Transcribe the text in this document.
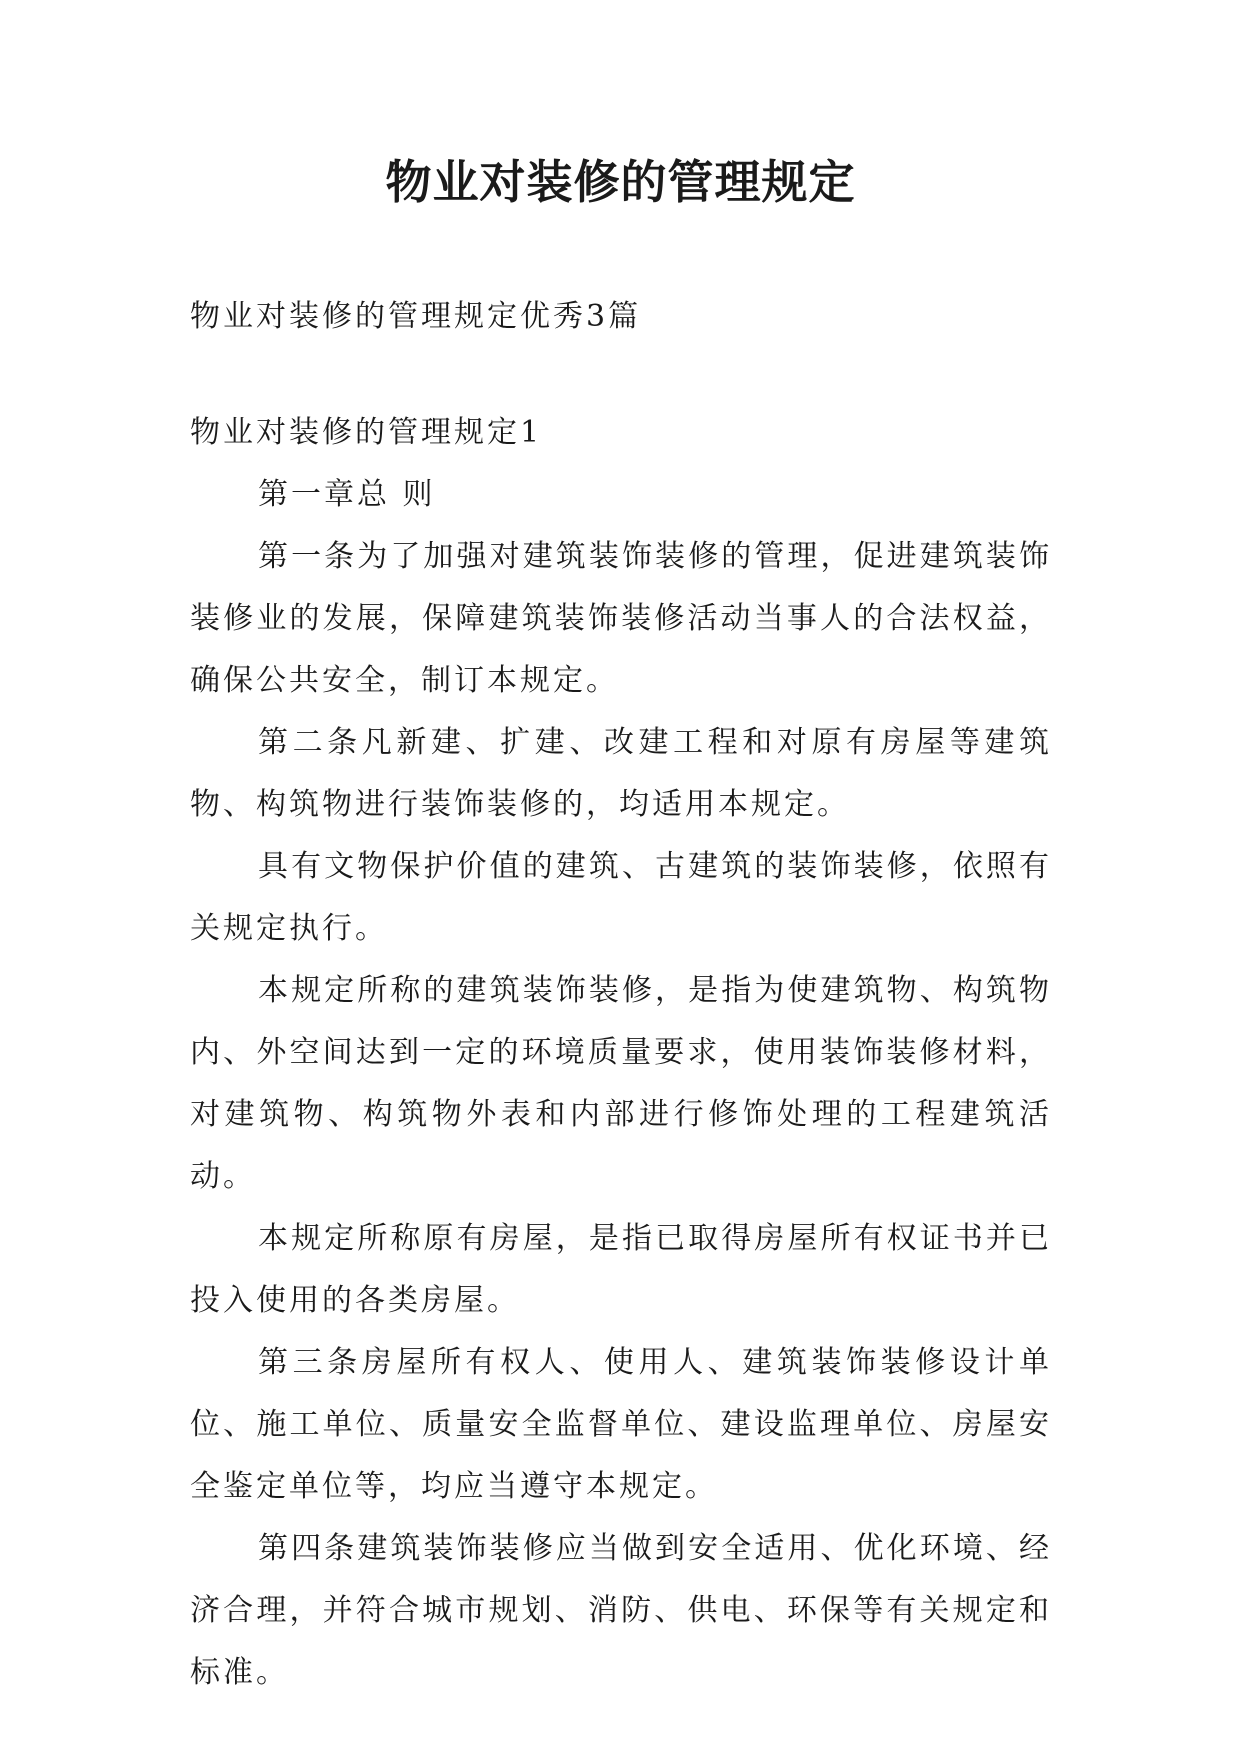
物业对装修的管理规定

物业对装修的管理规定优秀3篇

物业对装修的管理规定1

第一章总 则

第一条为了加强对建筑装饰装修的管理，促进建筑装饰装修业的发展，保障建筑装饰装修活动当事人的合法权益，确保公共安全，制订本规定。

第二条凡新建、扩建、改建工程和对原有房屋等建筑物、构筑物进行装饰装修的，均适用本规定。

具有文物保护价值的建筑、古建筑的装饰装修，依照有关规定执行。

本规定所称的建筑装饰装修，是指为使建筑物、构筑物内、外空间达到一定的环境质量要求，使用装饰装修材料，对建筑物、构筑物外表和内部进行修饰处理的工程建筑活动。

本规定所称原有房屋，是指已取得房屋所有权证书并已投入使用的各类房屋。

第三条房屋所有权人、使用人、建筑装饰装修设计单位、施工单位、质量安全监督单位、建设监理单位、房屋安全鉴定单位等，均应当遵守本规定。

第四条建筑装饰装修应当做到安全适用、优化环境、经济合理，并符合城市规划、消防、供电、环保等有关规定和标准。
